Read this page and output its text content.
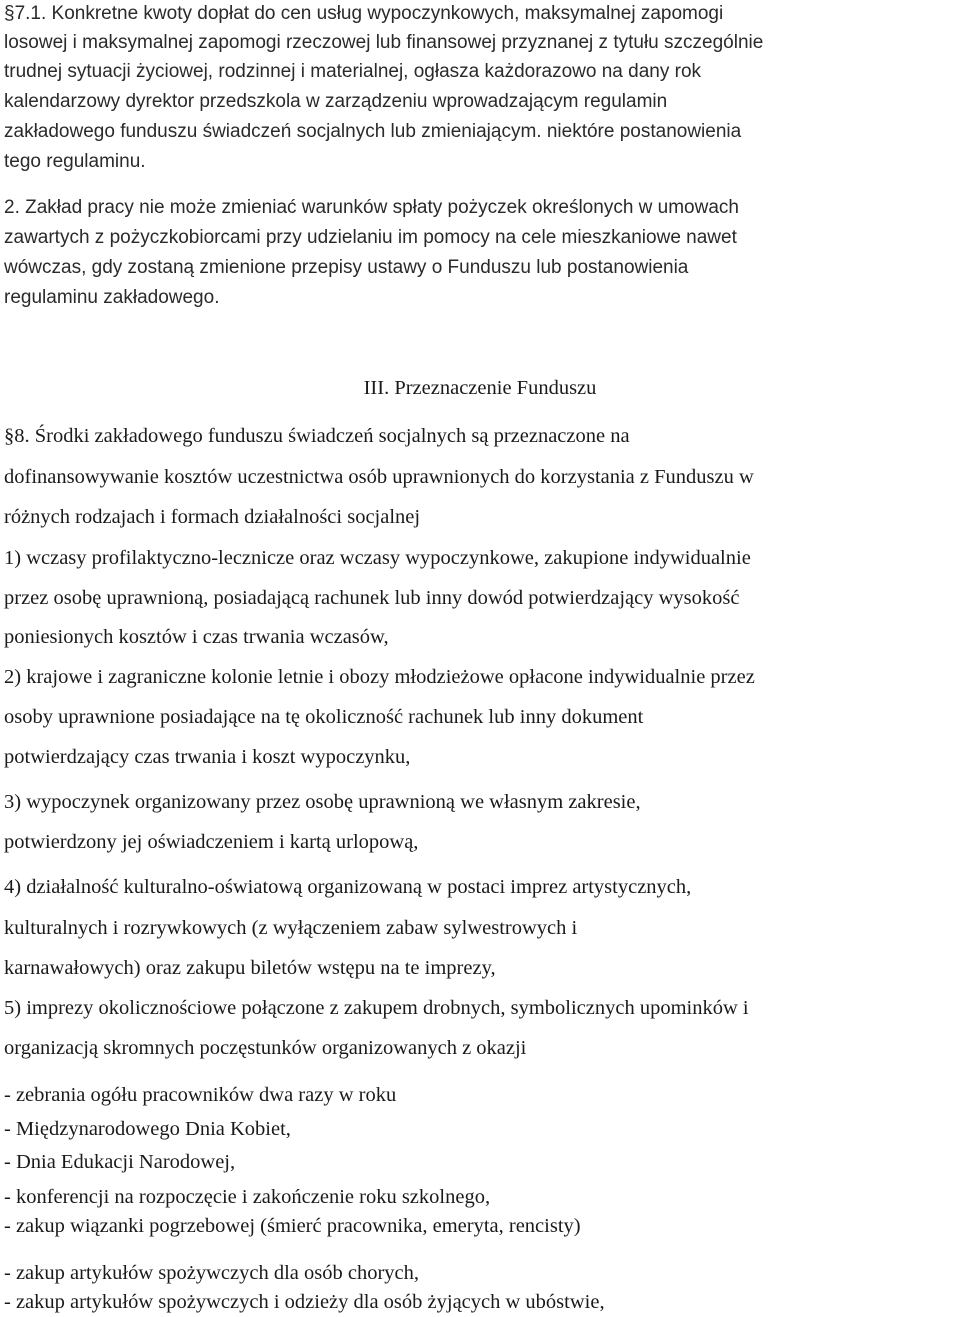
§7.1. Konkretne kwoty dopłat do cen usług wypoczynkowych, maksymalnej zapomogi
losowej i maksymalnej zapomogi rzeczowej lub finansowej przyznanej z tytułu szczególnie
trudnej sytuacji życiowej, rodzinnej i materialnej, ogłasza każdorazowo na dany rok
kalendarzowy dyrektor przedszkola w zarządzeniu wprowadzającym regulamin
zakładowego funduszu świadczeń socjalnych lub zmieniającym. niektóre postanowienia
tego regulaminu.
2. Zakład pracy nie może zmieniać warunków spłaty pożyczek określonych w umowach
zawartych z pożyczkobiorcami przy udzielaniu im pomocy na cele mieszkaniowe nawet
wówczas, gdy zostaną zmienione przepisy ustawy o Funduszu lub postanowienia
regulaminu zakładowego.
III. Przeznaczenie Funduszu
§8. Środki zakładowego funduszu świadczeń socjalnych są przeznaczone na
dofinansowywanie kosztów uczestnictwa osób uprawnionych do korzystania z Funduszu w
różnych rodzajach i formach działalności socjalnej
1) wczasy profilaktyczno-lecznicze oraz wczasy wypoczynkowe, zakupione indywidualnie
przez osobę uprawnioną, posiadającą rachunek lub inny dowód potwierdzający wysokość
poniesionych kosztów i czas trwania wczasów,
2) krajowe i zagraniczne kolonie letnie i obozy młodzieżowe opłacone indywidualnie przez
osoby uprawnione posiadające na tę okoliczność rachunek lub inny dokument
potwierdzający czas trwania i koszt wypoczynku,
3) wypoczynek organizowany przez osobę uprawnioną we własnym zakresie,
potwierdzony jej oświadczeniem i kartą urlopową,
4) działalność kulturalno-oświatową organizowaną w postaci imprez artystycznych,
kulturalnych i rozrywkowych (z wyłączeniem zabaw sylwestrowych i
karnawałowych) oraz zakupu biletów wstępu na te imprezy,
5) imprezy okolicznościowe połączone z zakupem drobnych, symbolicznych upominków i
organizacją skromnych poczęstunków organizowanych z okazji
- zebrania ogółu pracowników dwa razy w roku
- Międzynarodowego Dnia Kobiet,
- Dnia Edukacji Narodowej,
- konferencji na rozpoczęcie i zakończenie roku szkolnego,
- zakup wiązanki pogrzebowej (śmierć pracownika, emeryta, rencisty)
- zakup artykułów spożywczych dla osób chorych,
- zakup artykułów spożywczych i odzieży dla osób żyjących w ubóstwie,
